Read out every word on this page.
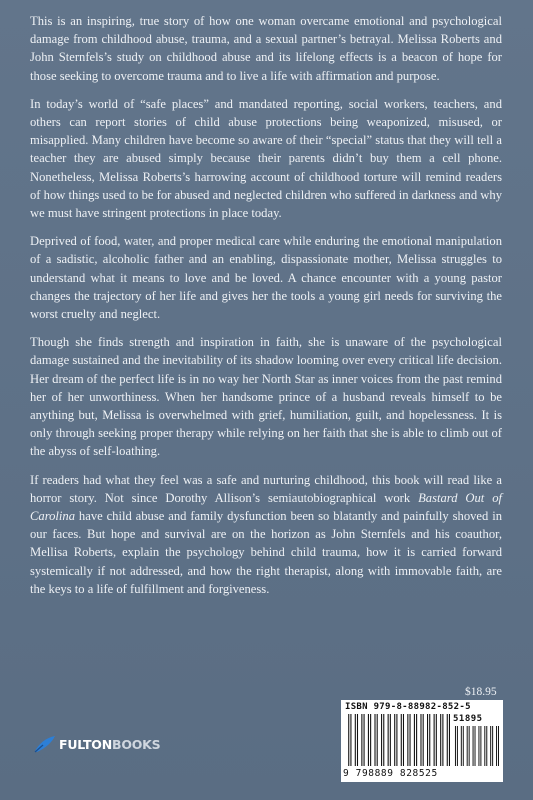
This is an inspiring, true story of how one woman overcame emotional and psychological damage from childhood abuse, trauma, and a sexual partner’s betrayal. Melissa Roberts and John Sternfels’s study on childhood abuse and its lifelong effects is a beacon of hope for those seeking to overcome trauma and to live a life with affirmation and purpose.

In today’s world of “safe places” and mandated reporting, social workers, teachers, and others can report stories of child abuse protections being weaponized, misused, or misapplied. Many children have become so aware of their “special” status that they will tell a teacher they are abused simply because their parents didn’t buy them a cell phone. Nonetheless, Melissa Roberts’s harrowing account of childhood torture will remind readers of how things used to be for abused and neglected children who suffered in darkness and why we must have stringent protections in place today.

Deprived of food, water, and proper medical care while enduring the emotional manipulation of a sadistic, alcoholic father and an enabling, dispassionate mother, Melissa struggles to understand what it means to love and be loved. A chance encounter with a young pastor changes the trajectory of her life and gives her the tools a young girl needs for surviving the worst cruelty and neglect.

Though she finds strength and inspiration in faith, she is unaware of the psychological damage sustained and the inevitability of its shadow looming over every critical life decision. Her dream of the perfect life is in no way her North Star as inner voices from the past remind her of her unworthiness. When her handsome prince of a husband reveals himself to be anything but, Melissa is overwhelmed with grief, humiliation, guilt, and hopelessness. It is only through seeking proper therapy while relying on her faith that she is able to climb out of the abyss of self-loathing.

If readers had what they feel was a safe and nurturing childhood, this book will read like a horror story. Not since Dorothy Allison’s semiautobiographical work Bastard Out of Carolina have child abuse and family dysfunction been so blatantly and painfully shoved in our faces. But hope and survival are on the horizon as John Sternfels and his coauthor, Mellisa Roberts, explain the psychology behind child trauma, how it is carried forward systemically if not addressed, and how the right therapist, along with immovable faith, are the keys to a life of fulfillment and forgiveness.

$18.95
ISBN 979-8-88982-852-5
51895
9 798889 828525
FULTONBOOKS
